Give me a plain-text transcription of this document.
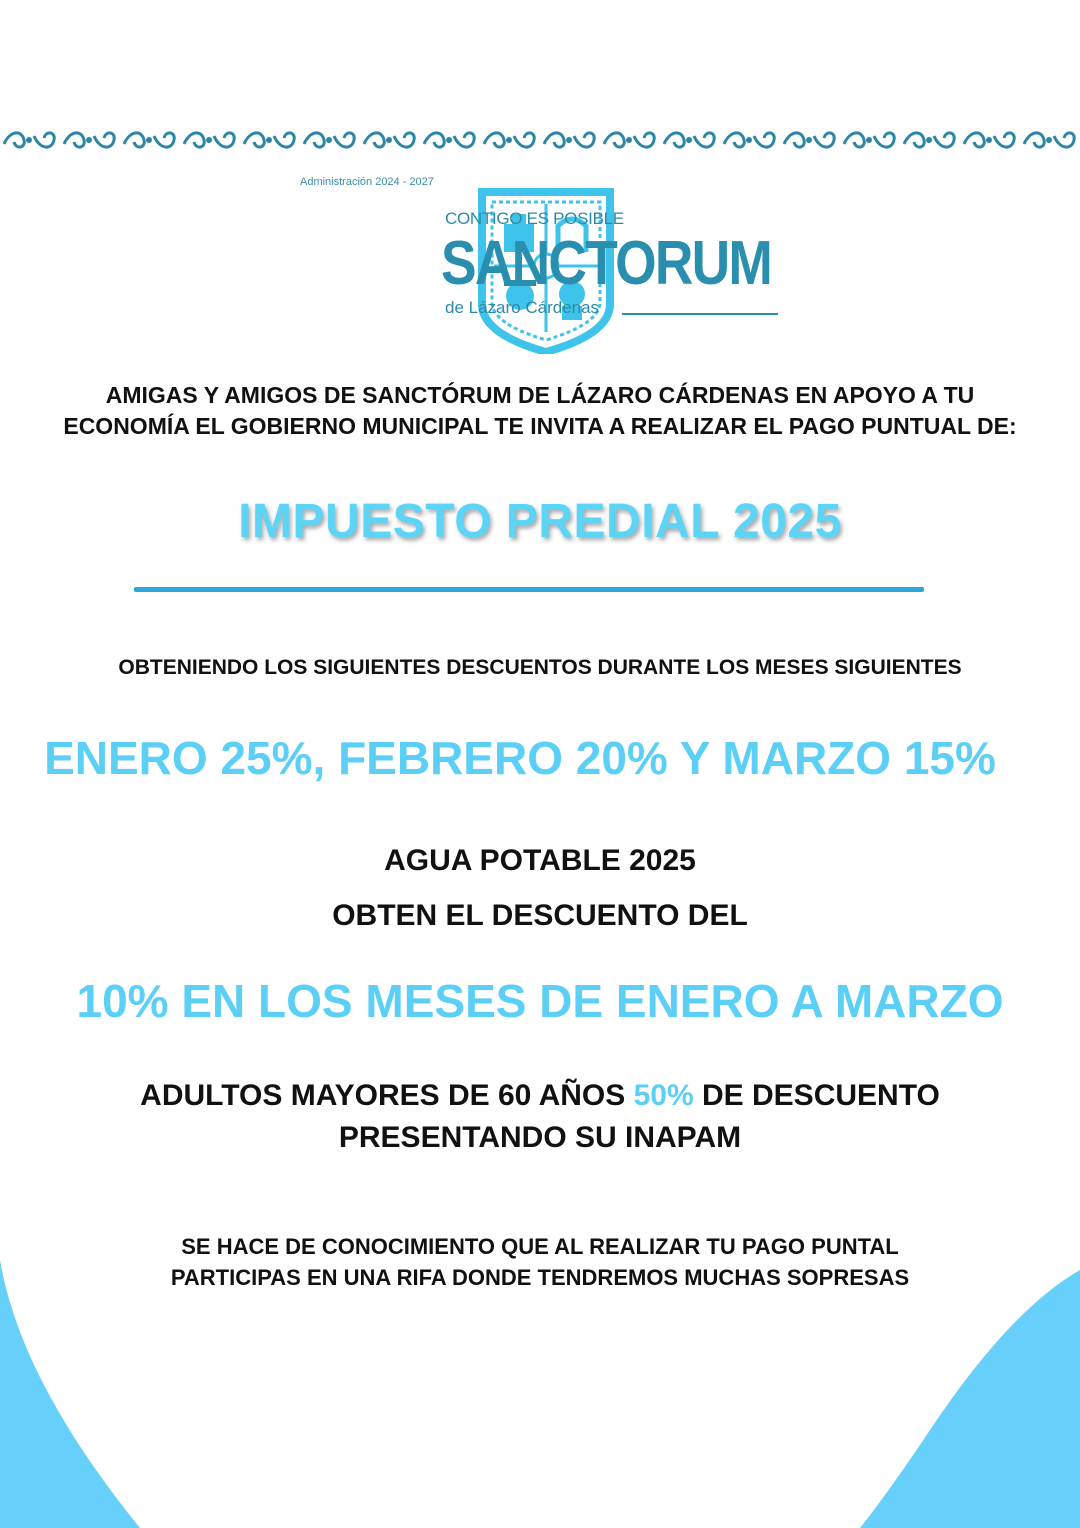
Administración 2024 - 2027
CONTIGO ES POSIBLE
SANCTORUM
de Lázaro Cárdenas
AMIGAS Y AMIGOS DE SANCTÓRUM DE LÁZARO CÁRDENAS EN APOYO A TU
ECONOMÍA EL GOBIERNO MUNICIPAL TE INVITA A REALIZAR EL PAGO PUNTUAL DE:
IMPUESTO PREDIAL 2025
OBTENIENDO LOS SIGUIENTES DESCUENTOS DURANTE LOS MESES SIGUIENTES
ENERO 25%, FEBRERO 20% Y MARZO 15%
AGUA POTABLE 2025
OBTEN EL DESCUENTO DEL
10% EN LOS MESES DE ENERO A MARZO
ADULTOS MAYORES DE 60 AÑOS 50% DE DESCUENTO
PRESENTANDO SU INAPAM
SE HACE DE CONOCIMIENTO QUE AL REALIZAR TU PAGO PUNTAL
PARTICIPAS EN UNA RIFA DONDE TENDREMOS MUCHAS SOPRESAS
